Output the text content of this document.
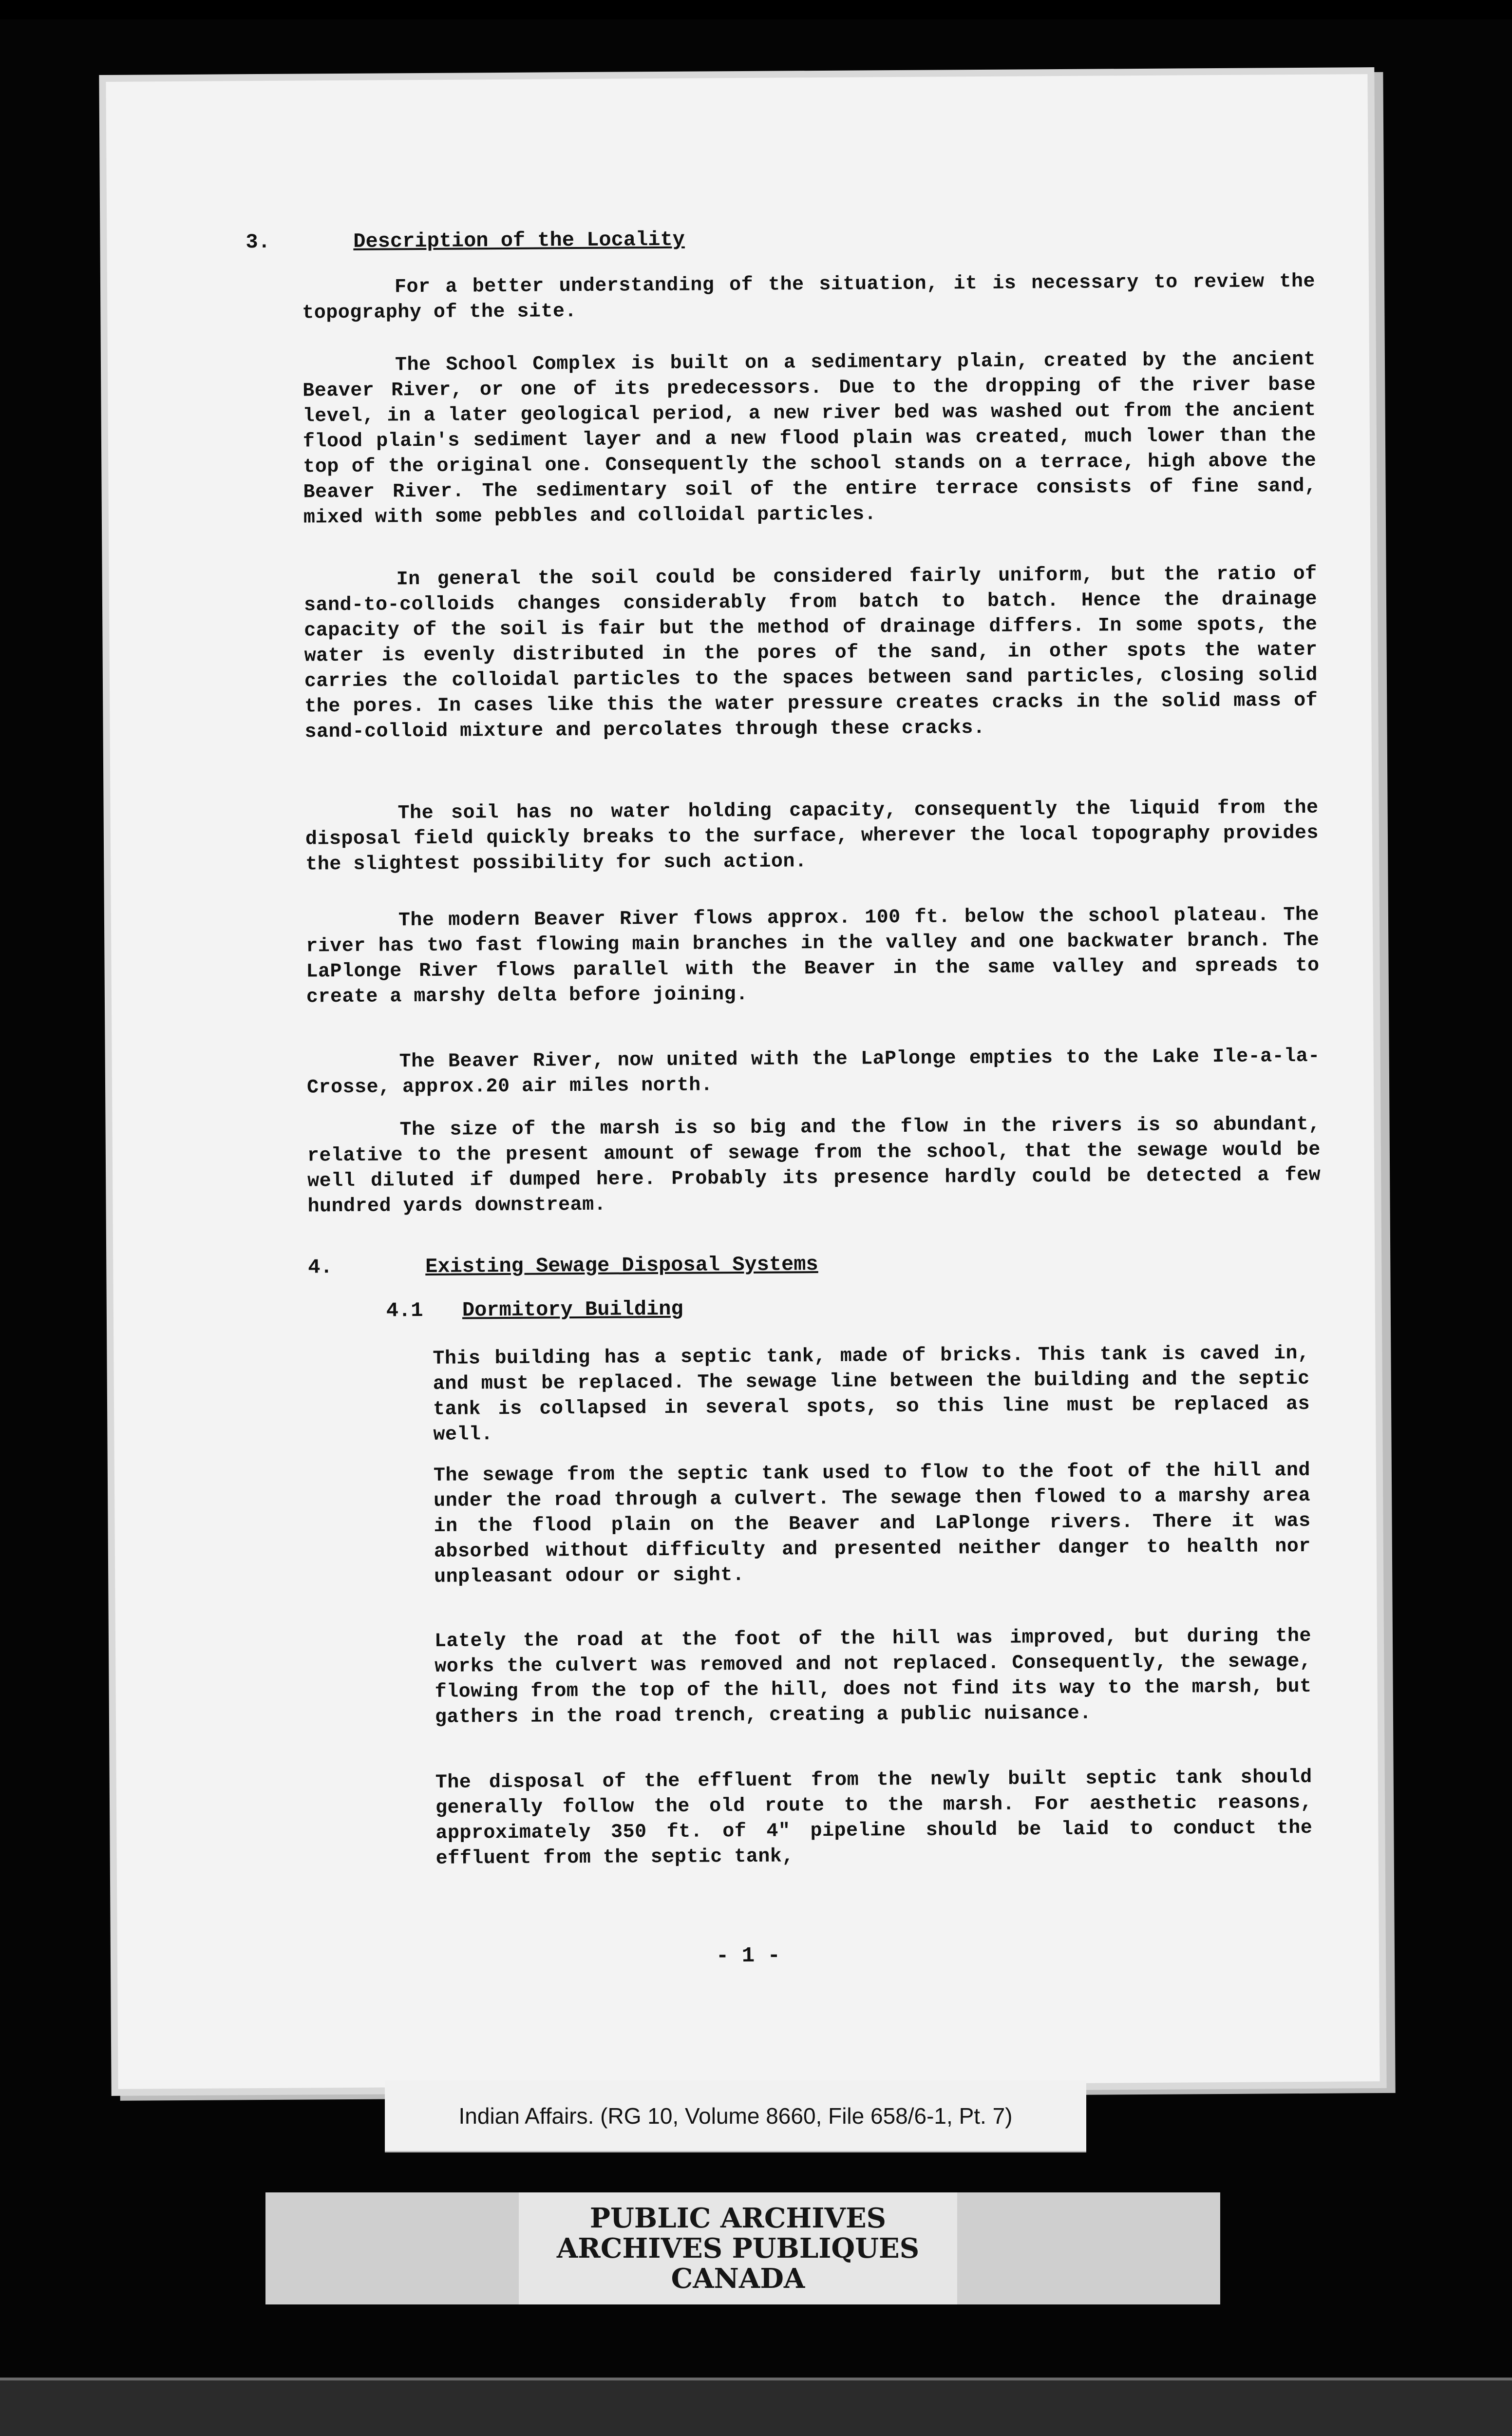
3.	Description of the Locality

For a better understanding of the situation, it is necessary to review the topography of the site.

The School Complex is built on a sedimentary plain, created by the ancient Beaver River, or one of its predecessors. Due to the dropping of the river base level, in a later geological period, a new river bed was washed out from the ancient flood plain's sediment layer and a new flood plain was created, much lower than the top of the original one. Consequently the school stands on a terrace, high above the Beaver River. The sedimentary soil of the entire terrace consists of fine sand, mixed with some pebbles and colloidal particles.

In general the soil could be considered fairly uniform, but the ratio of sand-to-colloids changes considerably from batch to batch. Hence the drainage capacity of the soil is fair but the method of drainage differs. In some spots, the water is evenly distributed in the pores of the sand, in other spots the water carries the colloidal particles to the spaces between sand particles, closing solid the pores. In cases like this the water pressure creates cracks in the solid mass of sand-colloid mixture and percolates through these cracks.

The soil has no water holding capacity, consequently the liquid from the disposal field quickly breaks to the surface, wherever the local topography provides the slightest possibility for such action.

The modern Beaver River flows approx. 100 ft. below the school plateau. The river has two fast flowing main branches in the valley and one backwater branch. The LaPlonge River flows parallel with the Beaver in the same valley and spreads to create a marshy delta before joining.

The Beaver River, now united with the LaPlonge empties to the Lake Ile-a-la-Crosse, approx.20 air miles north.

The size of the marsh is so big and the flow in the rivers is so abundant, relative to the present amount of sewage from the school, that the sewage would be well diluted if dumped here. Probably its presence hardly could be detected a few hundred yards downstream.

4.	Existing Sewage Disposal Systems
4.1 Dormitory Building

This building has a septic tank, made of bricks. This tank is caved in, and must be replaced. The sewage line between the building and the septic tank is collapsed in several spots, so this line must be replaced as well.

The sewage from the septic tank used to flow to the foot of the hill and under the road through a culvert. The sewage then flowed to a marshy area in the flood plain on the Beaver and LaPlonge rivers. There it was absorbed without difficulty and presented neither danger to health nor unpleasant odour or sight.

Lately the road at the foot of the hill was improved, but during the works the culvert was removed and not replaced. Consequently, the sewage, flowing from the top of the hill, does not find its way to the marsh, but gathers in the road trench, creating a public nuisance.

The disposal of the effluent from the newly built septic tank should generally follow the old route to the marsh. For aesthetic reasons, approximately 350 ft. of 4" pipeline should be laid to conduct the effluent from the septic tank,

- 1 -
Indian Affairs. (RG 10, Volume 8660, File 658/6-1, Pt. 7)
PUBLIC ARCHIVES
ARCHIVES PUBLIQUES
CANADA
